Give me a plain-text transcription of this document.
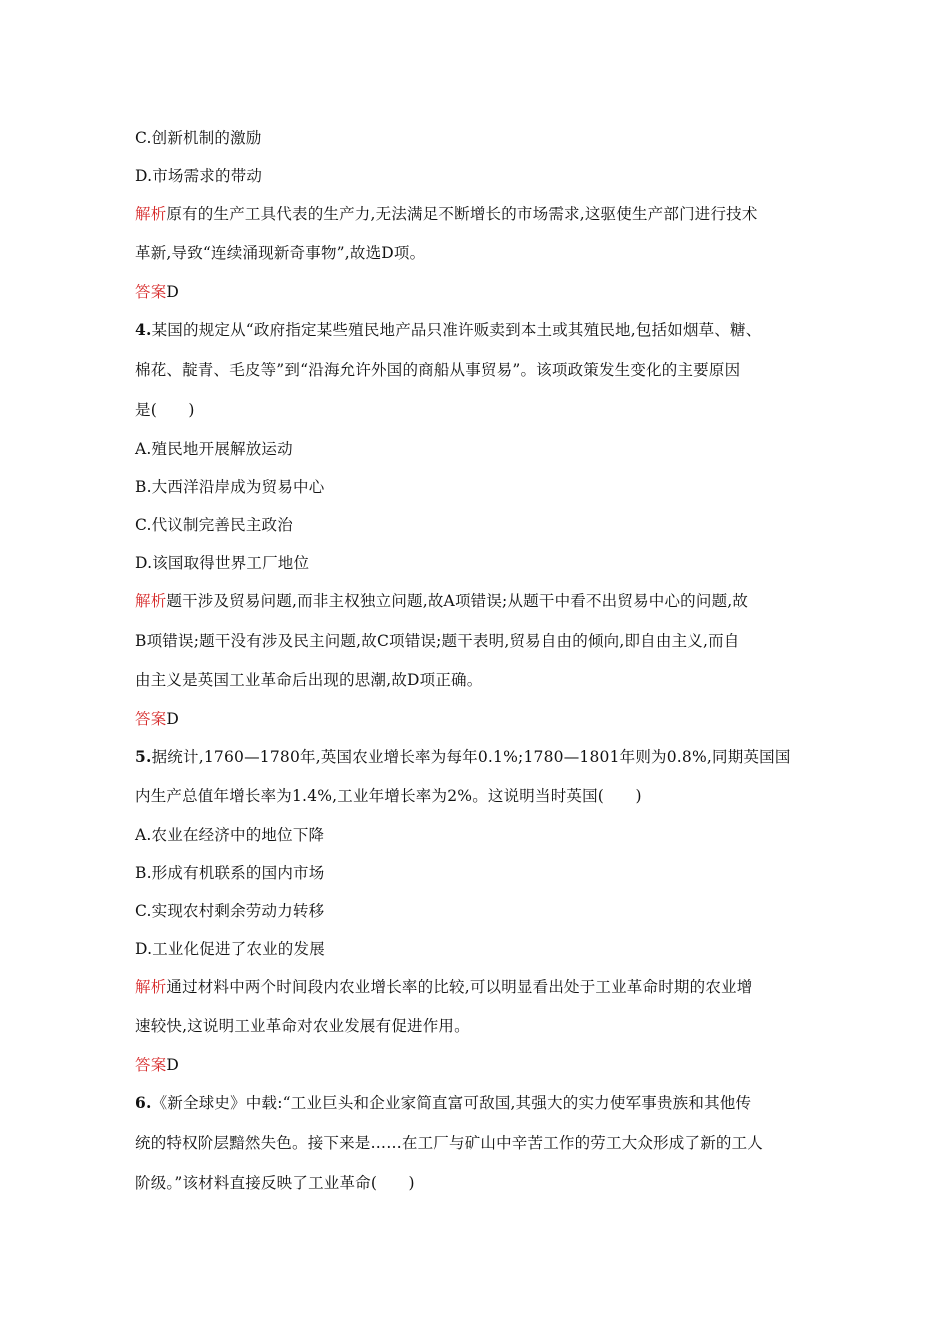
C.创新机制的激励
D.市场需求的带动
解析原有的生产工具代表的生产力,无法满足不断增长的市场需求,这驱使生产部门进行技术
革新,导致“连续涌现新奇事物”,故选D项。
答案D
4.某国的规定从“政府指定某些殖民地产品只准许贩卖到本土或其殖民地,包括如烟草、糖、
棉花、靛青、毛皮等”到“沿海允许外国的商船从事贸易”。该项政策发生变化的主要原因
是(　　)
A.殖民地开展解放运动
B.大西洋沿岸成为贸易中心
C.代议制完善民主政治
D.该国取得世界工厂地位
解析题干涉及贸易问题,而非主权独立问题,故A项错误;从题干中看不出贸易中心的问题,故
B项错误;题干没有涉及民主问题,故C项错误;题干表明,贸易自由的倾向,即自由主义,而自
由主义是英国工业革命后出现的思潮,故D项正确。
答案D
5.据统计,1760—1780年,英国农业增长率为每年0.1%;1780—1801年则为0.8%,同期英国国
内生产总值年增长率为1.4%,工业年增长率为2%。这说明当时英国(　　)
A.农业在经济中的地位下降
B.形成有机联系的国内市场
C.实现农村剩余劳动力转移
D.工业化促进了农业的发展
解析通过材料中两个时间段内农业增长率的比较,可以明显看出处于工业革命时期的农业增
速较快,这说明工业革命对农业发展有促进作用。
答案D
6.《新全球史》中载:“工业巨头和企业家简直富可敌国,其强大的实力使军事贵族和其他传
统的特权阶层黯然失色。接下来是……在工厂与矿山中辛苦工作的劳工大众形成了新的工人
阶级。”该材料直接反映了工业革命(　　)
